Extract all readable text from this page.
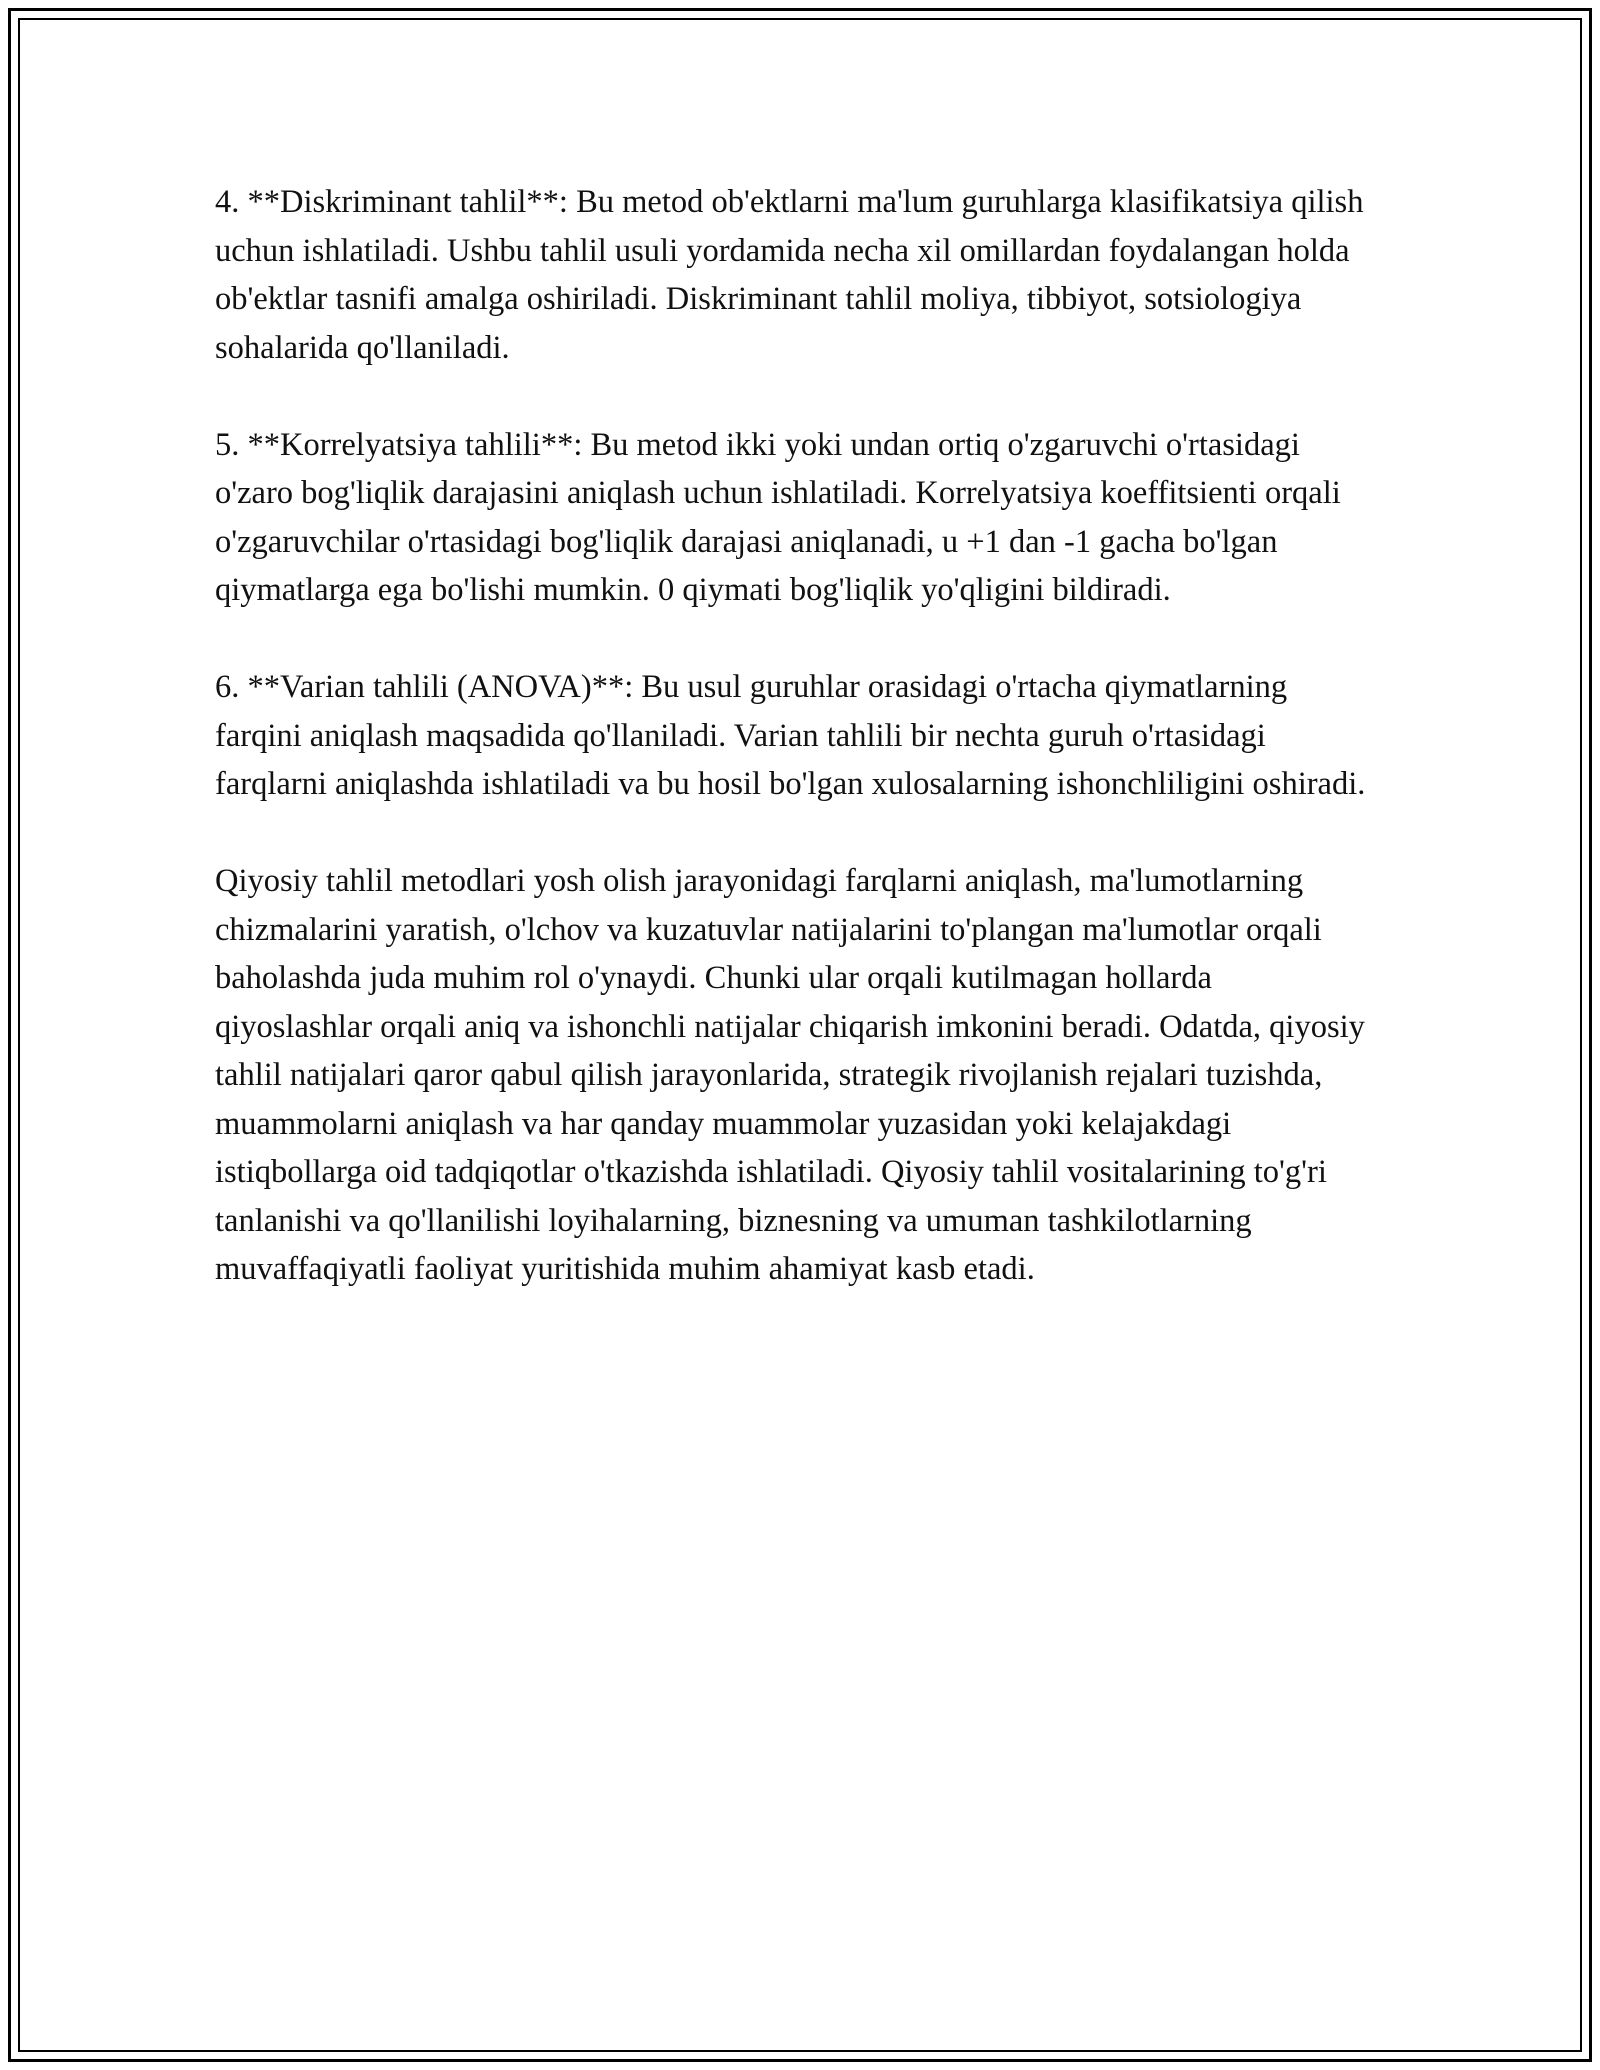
4. **Diskriminant tahlil**: Bu metod ob'ektlarni ma'lum guruhlarga klasifikatsiya qilish uchun ishlatiladi. Ushbu tahlil usuli yordamida necha xil omillardan foydalangan holda ob'ektlar tasnifi amalga oshiriladi. Diskriminant tahlil moliya, tibbiyot, sotsiologiya sohalarida qo'llaniladi.

5. **Korrelyatsiya tahlili**: Bu metod ikki yoki undan ortiq o'zgaruvchi o'rtasidagi o'zaro bog'liqlik darajasini aniqlash uchun ishlatiladi. Korrelyatsiya koeffitsienti orqali o'zgaruvchilar o'rtasidagi bog'liqlik darajasi aniqlanadi, u +1 dan -1 gacha bo'lgan qiymatlarga ega bo'lishi mumkin. 0 qiymati bog'liqlik yo'qligini bildiradi.

6. **Varian tahlili (ANOVA)**: Bu usul guruhlar orasidagi o'rtacha qiymatlarning farqini aniqlash maqsadida qo'llaniladi. Varian tahlili bir nechta guruh o'rtasidagi farqlarni aniqlashda ishlatiladi va bu hosil bo'lgan xulosalarning ishonchliligini oshiradi.

Qiyosiy tahlil metodlari yosh olish jarayonidagi farqlarni aniqlash, ma'lumotlarning chizmalarini yaratish, o'lchov va kuzatuvlar natijalarini to'plangan ma'lumotlar orqali baholashda juda muhim rol o'ynaydi. Chunki ular orqali kutilmagan hollarda qiyoslashlar orqali aniq va ishonchli natijalar chiqarish imkonini beradi. Odatda, qiyosiy tahlil natijalari qaror qabul qilish jarayonlarida, strategik rivojlanish rejalari tuzishda, muammolarni aniqlash va har qanday muammolar yuzasidan yoki kelajakdagi istiqbollarga oid tadqiqotlar o'tkazishda ishlatiladi. Qiyosiy tahlil vositalarining to'g'ri tanlanishi va qo'llanilishi loyihalarning, biznesning va umuman tashkilotlarning muvaffaqiyatli faoliyat yuritishida muhim ahamiyat kasb etadi.
